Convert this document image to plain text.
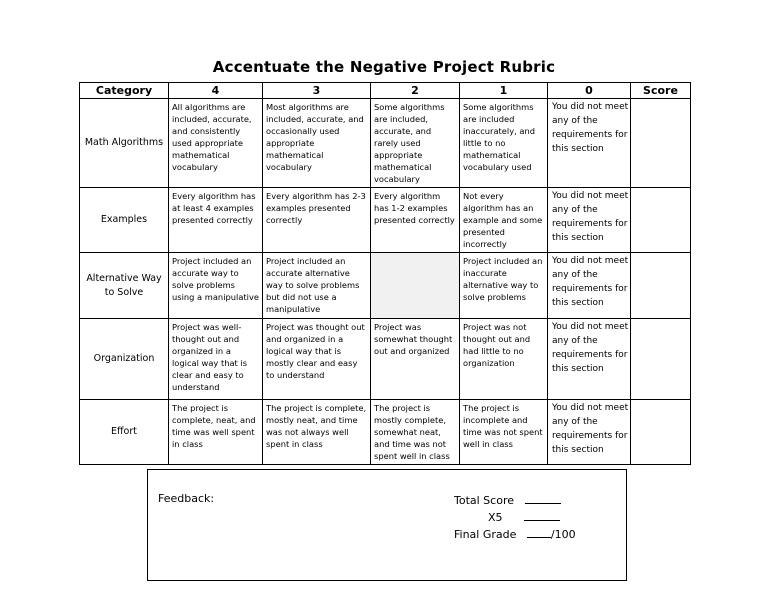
Accentuate the Negative Project Rubric
Category	4	3	2	1	0	Score
Math Algorithms	All algorithms are included, accurate, and consistently used appropriate mathematical vocabulary	Most algorithms are included, accurate, and occasionally used appropriate mathematical vocabulary	Some algorithms are included, accurate, and rarely used appropriate mathematical vocabulary	Some algorithms are included inaccurately, and little to no mathematical vocabulary used	You did not meet any of the requirements for this section	

Examples	Every algorithm has at least 4 examples presented correctly	Every algorithm has 2-3 examples presented correctly	Every algorithm has 1-2 examples presented correctly	Not every algorithm has an example and some presented incorrectly	You did not meet any of the requirements for this section	

Alternative Way to Solve	Project included an accurate way to solve problems using a manipulative	Project included an accurate alternative way to solve problems but did not use a manipulative		Project included an inaccurate alternative way to solve problems	You did not meet any of the requirements for this section	

Organization	Project was well-thought out and organized in a logical way that is clear and easy to understand	Project was thought out and organized in a logical way that is mostly clear and easy to understand	Project was somewhat thought out and organized	Project was not thought out and had little to no organization	You did not meet any of the requirements for this section	

Effort	The project is complete, neat, and time was well spent in class	The project is complete, mostly neat, and time was not always well spent in class	The project is mostly complete, somewhat neat, and time was not spent well in class	The project is incomplete and time was not spent well in class	You did not meet any of the requirements for this section	

Feedback:	Total Score
X5
Final Grade	/100
